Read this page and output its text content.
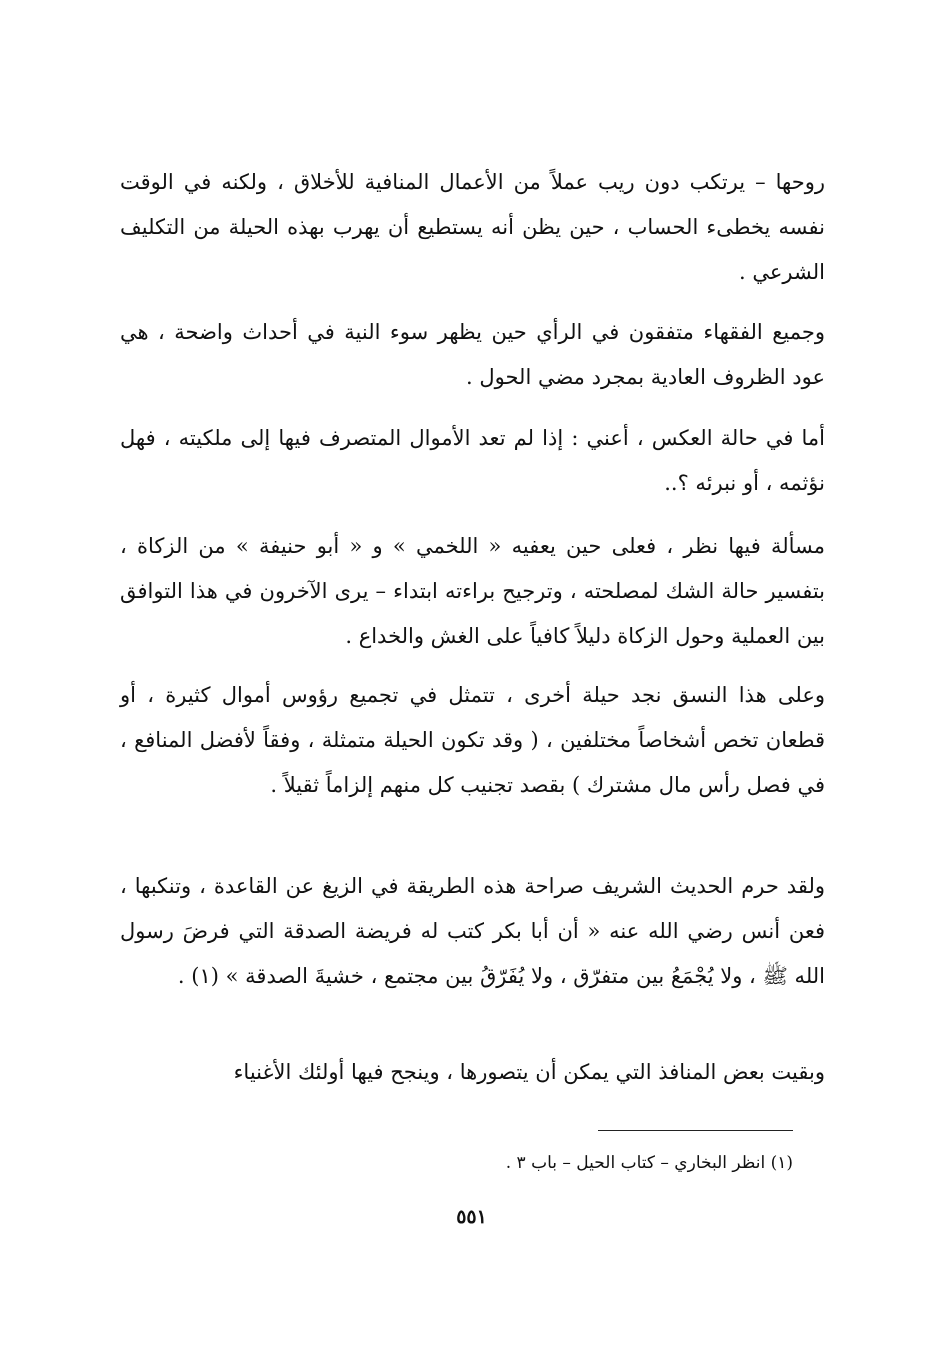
روحها – يرتكب دون ريب عملاً من الأعمال المنافية للأخلاق ، ولكنه في الوقت نفسه يخطىء الحساب ، حين يظن أنه يستطيع أن يهرب بهذه الحيلة من التكليف الشرعي .

وجميع الفقهاء متفقون في الرأي حين يظهر سوء النية في أحداث واضحة ، هي عود الظروف العادية بمجرد مضي الحول .

أما في حالة العكس ، أعني : إذا لم تعد الأموال المتصرف فيها إلى ملكيته ، فهل نؤثمه ، أو نبرئه ؟..

مسألة فيها نظر ، فعلى حين يعفيه « اللخمي » و « أبو حنيفة » من الزكاة ، بتفسير حالة الشك لمصلحته ، وترجيح براءته ابتداء – يرى الآخرون في هذا التوافق بين العملية وحول الزكاة دليلاً كافياً على الغش والخداع .

وعلى هذا النسق نجد حيلة أخرى ، تتمثل في تجميع رؤوس أموال كثيرة ، أو قطعان تخص أشخاصاً مختلفين ، ( وقد تكون الحيلة متمثلة ، وفقاً لأفضل المنافع ، في فصل رأس مال مشترك ) بقصد تجنيب كل منهم إلزاماً ثقيلاً .

ولقد حرم الحديث الشريف صراحة هذه الطريقة في الزيغ عن القاعدة ، وتنكبها ، فعن أنس رضي الله عنه « أن أبا بكر كتب له فريضة الصدقة التي فرضَ رسول الله ﷺ ، ولا يُجْمَعُ بين متفرّق ، ولا يُفَرّقُ بين مجتمع ، خشيةَ الصدقة » (١) .

وبقيت بعض المنافذ التي يمكن أن يتصورها ، وينجح فيها أولئك الأغنياء

(١) انظر البخاري – كتاب الحيل – باب ٣ .
٥٥١
